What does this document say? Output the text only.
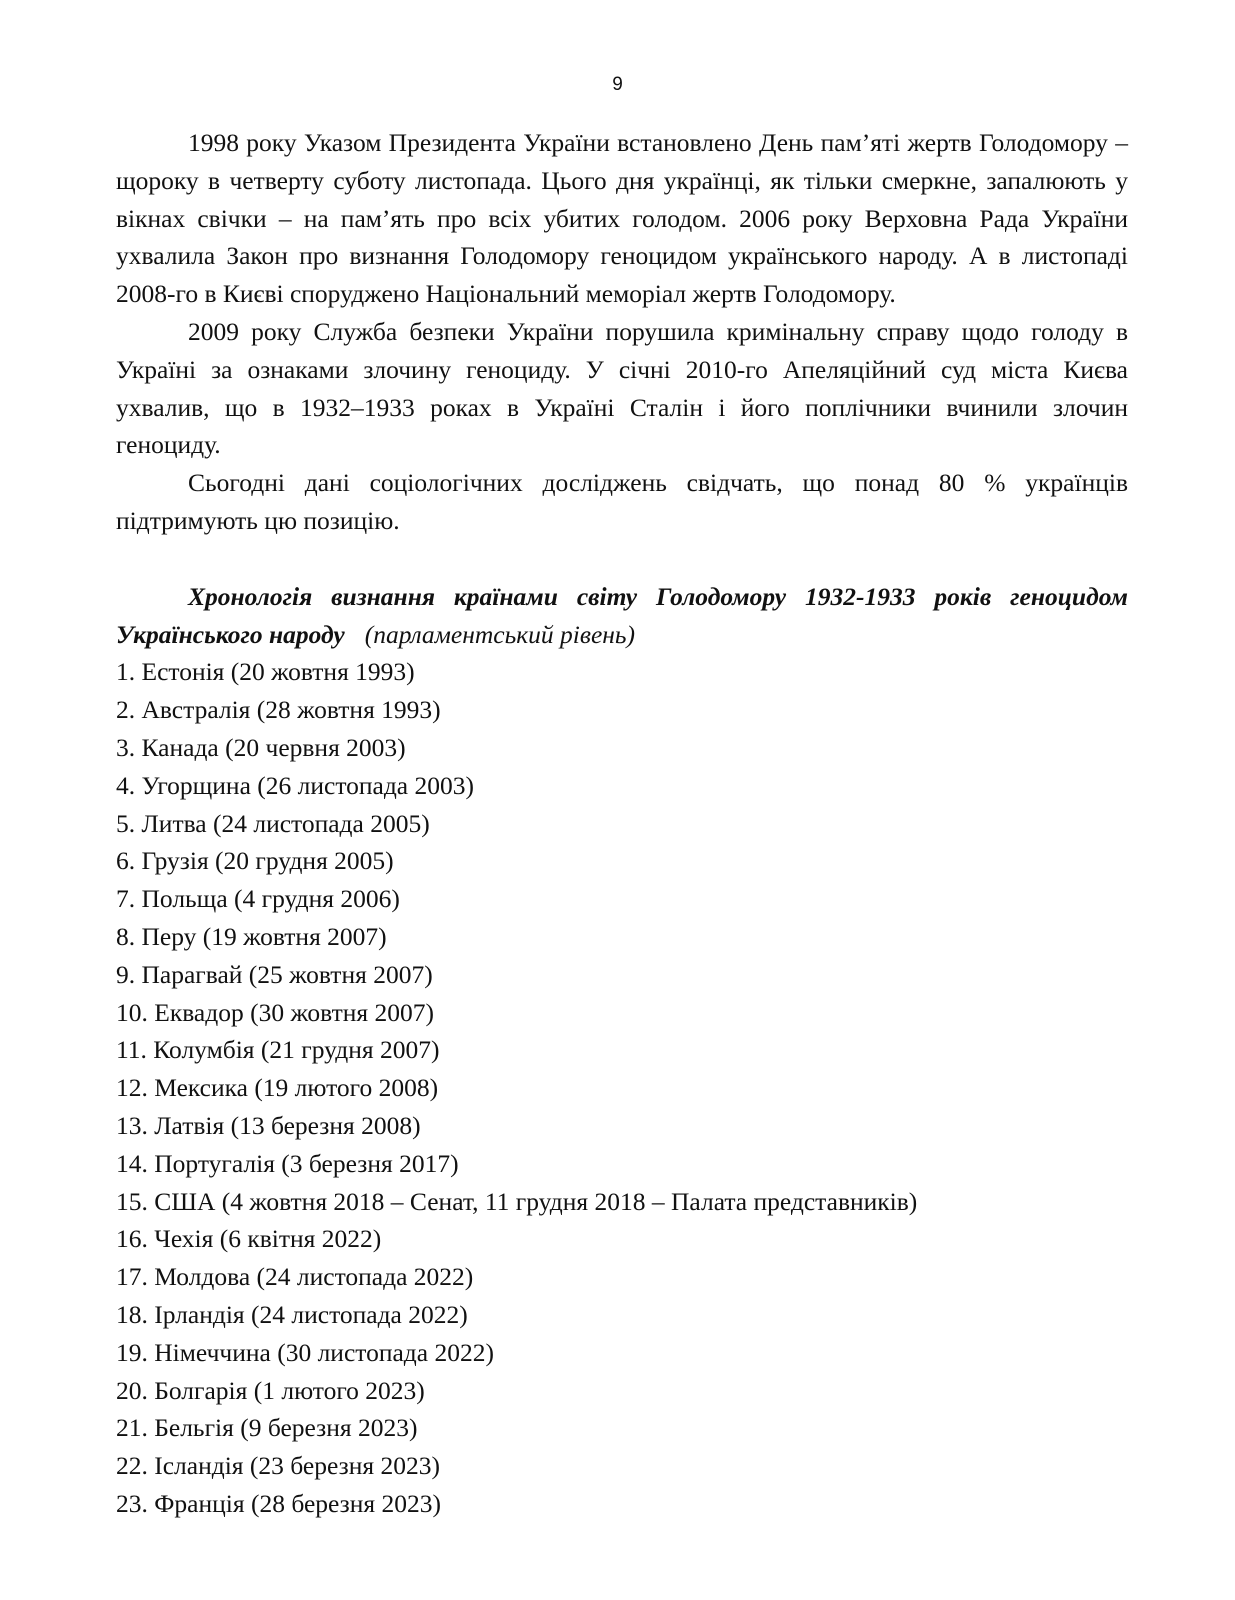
9

1998 року Указом Президента України встановлено День пам’яті жертв Голодомору – щороку в четверту суботу листопада. Цього дня українці, як тільки смеркне, запалюють у вікнах свічки – на пам’ять про всіх убитих голодом. 2006 року Верховна Рада України ухвалила Закон про визнання Голодомору геноцидом українського народу. А в листопаді 2008-го в Києві споруджено Національний меморіал жертв Голодомору.

2009 року Служба безпеки України порушила кримінальну справу щодо голоду в Україні за ознаками злочину геноциду. У січні 2010-го Апеляційний суд міста Києва ухвалив, що в 1932–1933 роках в Україні Сталін і його поплічники вчинили злочин геноциду.

Сьогодні дані соціологічних досліджень свідчать, що понад 80 % українців підтримують цю позицію.

Хронологія визнання країнами світу Голодомору 1932-1933 років геноцидом Українського народу (парламентський рівень)

1. Естонія (20 жовтня 1993)
2. Австралія (28 жовтня 1993)
3. Канада (20 червня 2003)
4. Угорщина (26 листопада 2003)
5. Литва (24 листопада 2005)
6. Грузія (20 грудня 2005)
7. Польща (4 грудня 2006)
8. Перу (19 жовтня 2007)
9. Парагвай (25 жовтня 2007)
10. Еквадор (30 жовтня 2007)
11. Колумбія (21 грудня 2007)
12. Мексика (19 лютого 2008)
13. Латвія (13 березня 2008)
14. Португалія (3 березня 2017)
15. США (4 жовтня 2018 – Сенат, 11 грудня 2018 – Палата представників)
16. Чехія (6 квітня 2022)
17. Молдова (24 листопада 2022)
18. Ірландія (24 листопада 2022)
19. Німеччина (30 листопада 2022)
20. Болгарія (1 лютого 2023)
21. Бельгія (9 березня 2023)
22. Ісландія (23 березня 2023)
23. Франція (28 березня 2023)
